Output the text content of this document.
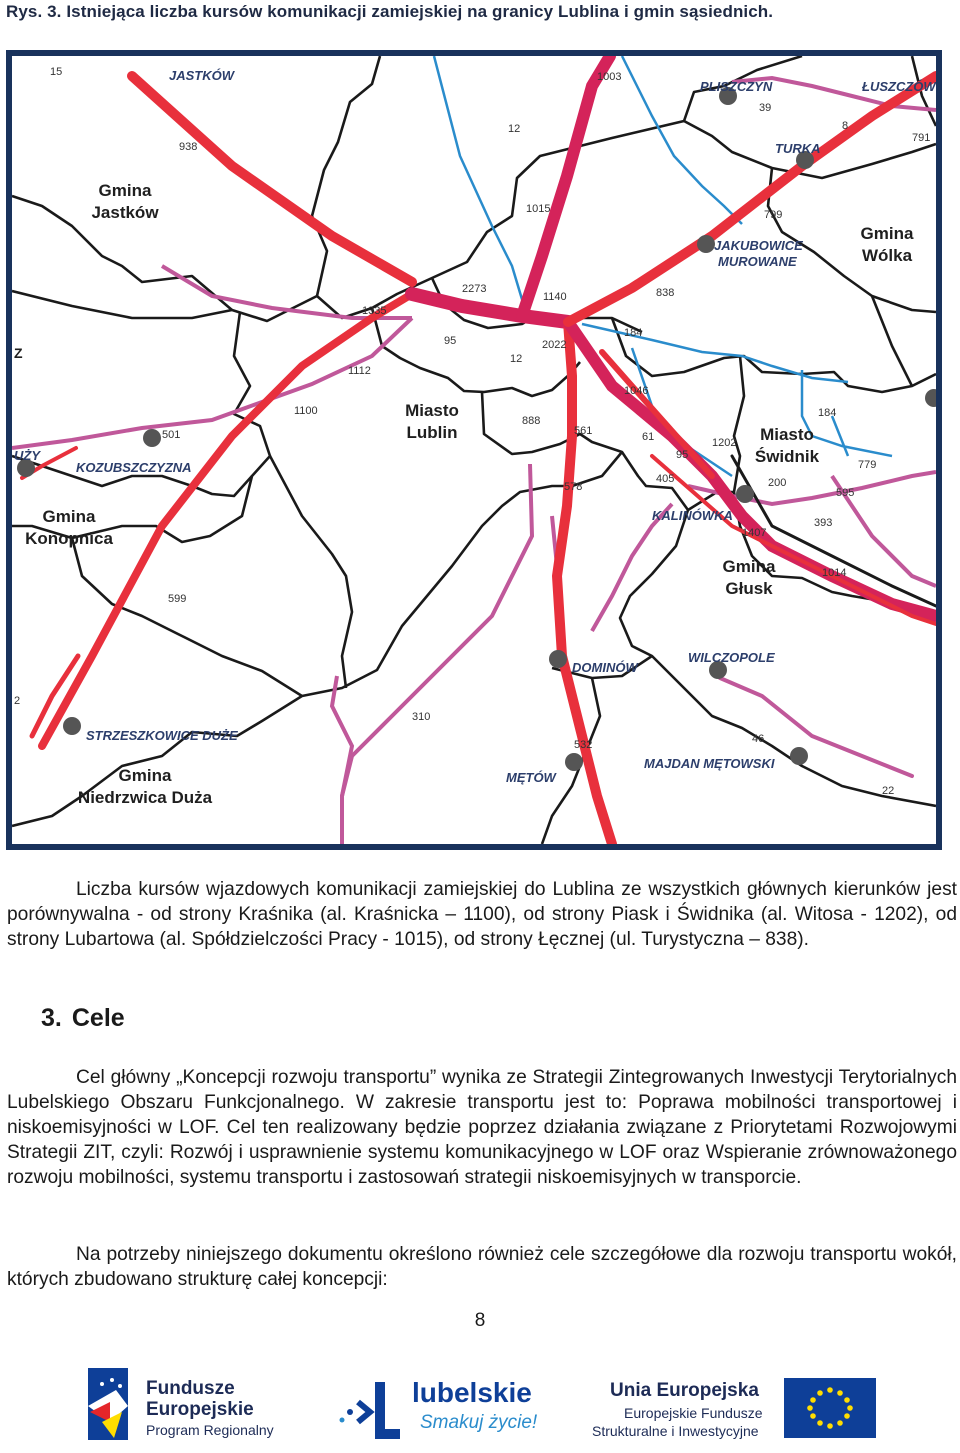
Rys. 3. Istniejąca liczba kursów komunikacji zamiejskiej na granicy Lublina i gmin sąsiednich.
Gmina
Jastków
Gmina
Wólka
Miasto
Lublin	Miasto
Świdnik
Gmina
Konopnica
Gmina
Głusk
Gmina
Niedrzwica Duża
Z
JASTKÓW
PLISZCZYN	ŁUSZCZÓW
TURKA
JAKUBOWICE
MUROWANE
UŻY
KOZUBSZCZYZNA
KALINÓWKA
DOMINÓW
WILCZOPOLE
STRZESZKOWICE DUŻE
MĘTÓW
MAJDAN MĘTOWSKI
15
938
1003
12
39
8
791
1015	799
2273
1140	838
1335
95
12
2022
184
1112
1046
1100
888
561	61
184
501
1202
95
405	200
779
578	595
1407
393
1014
599
310
2
532	46
22

Liczba kursów wjazdowych komunikacji zamiejskiej do Lublina ze wszystkich głównych kierunków jest porównywalna - od strony Kraśnika (al. Kraśnicka – 1100), od strony Piask i Świdnika (al. Witosa - 1202), od strony Lubartowa (al. Spółdzielczości Pracy - 1015), od strony Łęcznej (ul. Turystyczna – 838).

3. Cele

Cel główny „Koncepcji rozwoju transportu” wynika ze Strategii Zintegrowanych Inwestycji Terytorialnych Lubelskiego Obszaru Funkcjonalnego. W zakresie transportu jest to: Poprawa mobilności transportowej i niskoemisyjności w LOF. Cel ten realizowany będzie poprzez działania związane z Priorytetami Rozwojowymi Strategii ZIT, czyli: Rozwój i usprawnienie systemu komunikacyjnego w LOF oraz Wspieranie zrównoważonego rozwoju mobilności, systemu transportu i zastosowań strategii niskoemisyjnych w transporcie.

Na potrzeby niniejszego dokumentu określono również cele szczegółowe dla rozwoju transportu wokół, których zbudowano strukturę całej koncepcji:

8
Fundusze
Europejskie
Program Regionalny
lubelskie
Smakuj życie!
Unia Europejska
Europejskie Fundusze
Strukturalne i Inwestycyjne
